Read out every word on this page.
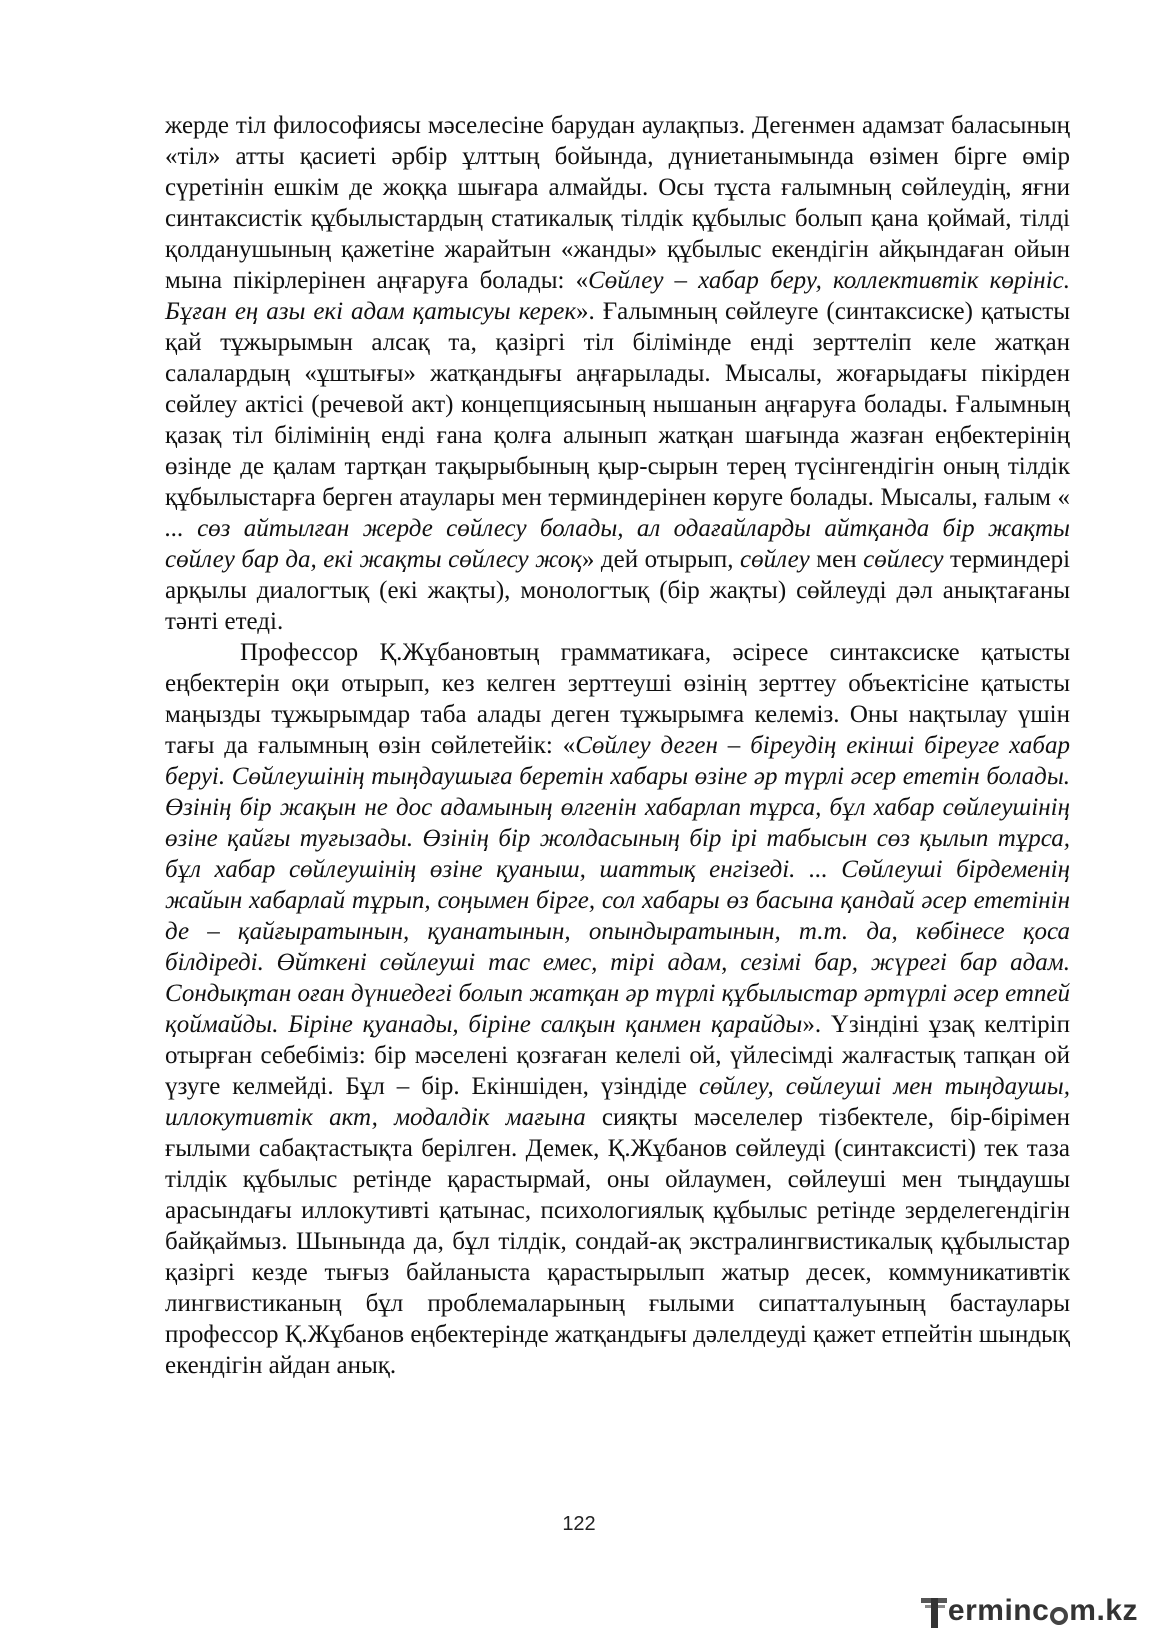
жерде тіл философиясы мәселесіне барудан аулақпыз. Дегенмен адамзат баласының «тіл» атты қасиеті әрбір ұлттың бойында, дүниетанымында өзімен бірге өмір сүретінін ешкім де жоққа шығара алмайды. Осы тұста ғалымның сөйлеудің, яғни синтаксистік құбылыстардың статикалық тілдік құбылыс болып қана қоймай, тілді қолданушының қажетіне жарайтын «жанды» құбылыс екендігін айқындаған ойын мына пікірлерінен аңғаруға болады: «Сөйлеу – хабар беру, коллективтік көрініс. Бұған ең азы екі адам қатысуы керек». Ғалымның сөйлеуге (синтаксиске) қатысты қай тұжырымын алсақ та, қазіргі тіл білімінде енді зерттеліп келе жатқан салалардың «ұштығы» жатқандығы аңғарылады. Мысалы, жоғарыдағы пікірден сөйлеу актісі (речевой акт) концепциясының нышанын аңғаруға болады. Ғалымның қазақ тіл білімінің енді ғана қолға алынып жатқан шағында жазған еңбектерінің өзінде де қалам тартқан тақырыбының қыр-сырын терең түсінгендігін оның тілдік құбылыстарға берген атаулары мен терминдерінен көруге болады. Мысалы, ғалым « ... сөз айтылған жерде сөйлесу болады, ал одағайларды айтқанда бір жақты сөйлеу бар да, екі жақты сөйлесу жоқ» дей отырып, сөйлеу мен сөйлесу терминдері арқылы диалогтық (екі жақты), монологтық (бір жақты) сөйлеуді дәл анықтағаны тәнті етеді.

Профессор Қ.Жұбановтың грамматикаға, әсіресе синтаксиске қатысты еңбектерін оқи отырып, кез келген зерттеуші өзінің зерттеу объектісіне қатысты маңызды тұжырымдар таба алады деген тұжырымға келеміз. Оны нақтылау үшін тағы да ғалымның өзін сөйлетейік: «Сөйлеу деген – біреудің екінші біреуге хабар беруі. Сөйлеушінің тыңдаушыға беретін хабары өзіне әр түрлі әсер ететін болады. Өзінің бір жақын не дос адамының өлгенін хабарлап тұрса, бұл хабар сөйлеушінің өзіне қайғы туғызады. Өзінің бір жолдасының бір ірі табысын сөз қылып тұрса, бұл хабар сөйлеушінің өзіне қуаныш, шаттық енгізеді. ... Сөйлеуші бірдеменің жайын хабарлай тұрып, соңымен бірге, сол хабары өз басына қандай әсер ететінін де – қайғыратынын, қуанатынын, опындыратынын, т.т. да, көбінесе қоса білдіреді. Өйткені сөйлеуші тас емес, тірі адам, сезімі бар, жүрегі бар адам. Сондықтан оған дүниедегі болып жатқан әр түрлі құбылыстар әртүрлі әсер етпей қоймайды. Біріне қуанады, біріне салқын қанмен қарайды». Үзіндіні ұзақ келтіріп отырған себебіміз: бір мәселені қозғаған келелі ой, үйлесімді жалғастық тапқан ой үзуге келмейді. Бұл – бір. Екіншіден, үзіндіде сөйлеу, сөйлеуші мен тыңдаушы, иллокутивтік акт, модалдік мағына сияқты мәселелер тізбектеле, бір-бірімен ғылыми сабақтастықта берілген. Демек, Қ.Жұбанов сөйлеуді (синтаксисті) тек таза тілдік құбылыс ретінде қарастырмай, оны ойлаумен, сөйлеуші мен тыңдаушы арасындағы иллокутивті қатынас, психологиялық құбылыс ретінде зерделегендігін байқаймыз. Шынында да, бұл тілдік, сондай-ақ экстралингвистикалық құбылыстар қазіргі кезде тығыз байланыста қарастырылып жатыр десек, коммуникативтік лингвистиканың бұл проблемаларының ғылыми сипатталуының бастаулары профессор Қ.Жұбанов еңбектерінде жатқандығы дәлелдеуді қажет етпейтін шындық екендігін айдан анық.

122
erminc m.kz
